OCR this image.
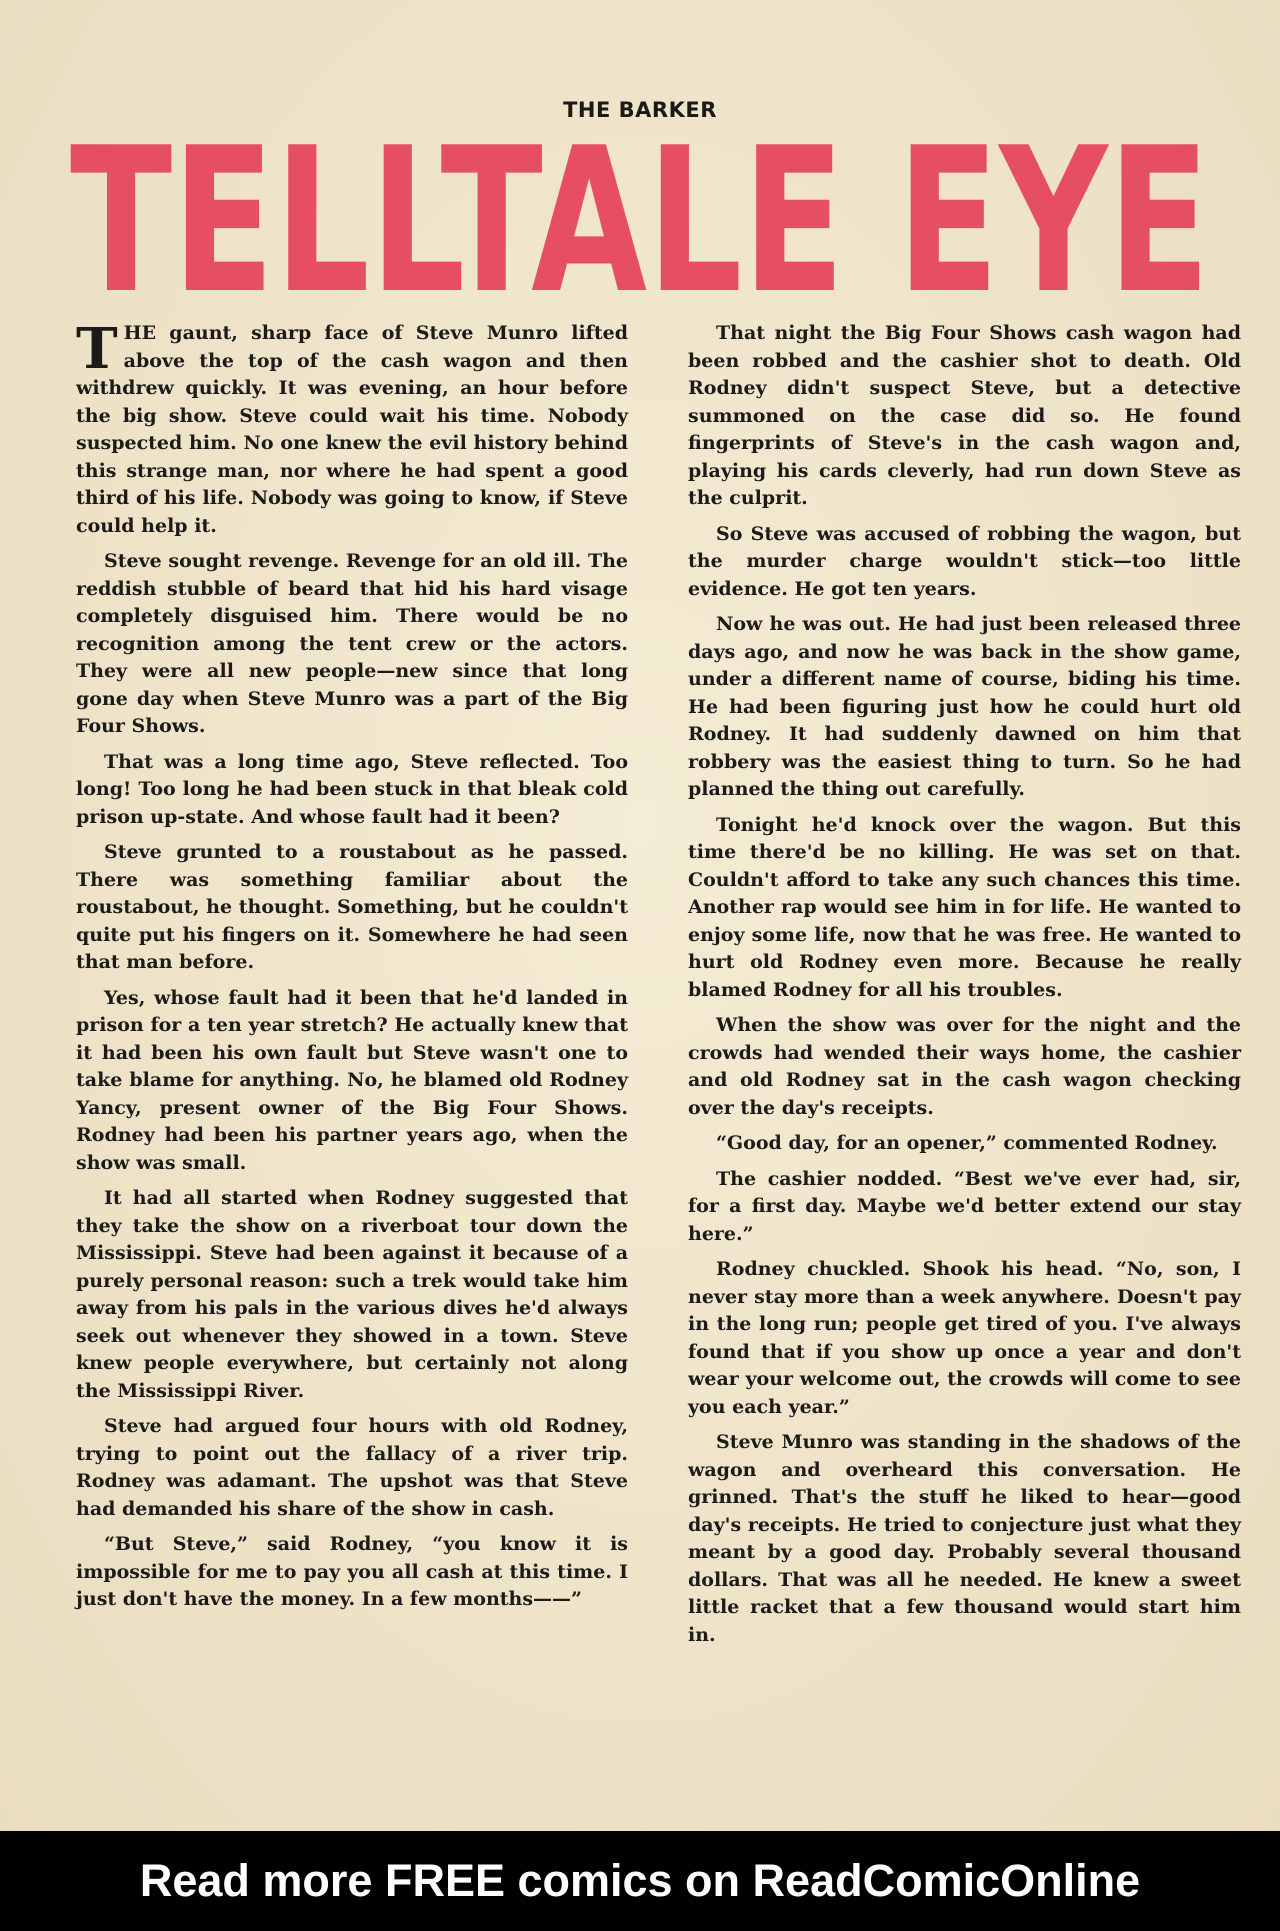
THE BARKER
TELLTALE EYE

THE gaunt, sharp face of Steve Munro lifted above the top of the cash wagon and then withdrew quickly. It was evening, an hour before the big show. Steve could wait his time. Nobody suspected him. No one knew the evil history behind this strange man, nor where he had spent a good third of his life. Nobody was going to know, if Steve could help it.

Steve sought revenge. Revenge for an old ill. The reddish stubble of beard that hid his hard visage completely disguised him. There would be no recognition among the tent crew or the actors. They were all new people—new since that long gone day when Steve Munro was a part of the Big Four Shows.

That was a long time ago, Steve reflected. Too long! Too long he had been stuck in that bleak cold prison up-state. And whose fault had it been?

Steve grunted to a roustabout as he passed. There was something familiar about the roustabout, he thought. Something, but he couldn't quite put his fingers on it. Somewhere he had seen that man before.

Yes, whose fault had it been that he'd landed in prison for a ten year stretch? He actually knew that it had been his own fault but Steve wasn't one to take blame for anything. No, he blamed old Rodney Yancy, present owner of the Big Four Shows. Rodney had been his partner years ago, when the show was small.

It had all started when Rodney suggested that they take the show on a riverboat tour down the Mississippi. Steve had been against it because of a purely personal reason: such a trek would take him away from his pals in the various dives he'd always seek out whenever they showed in a town. Steve knew people everywhere, but certainly not along the Mississippi River.

Steve had argued four hours with old Rodney, trying to point out the fallacy of a river trip. Rodney was adamant. The upshot was that Steve had demanded his share of the show in cash.

“But Steve,” said Rodney, “you know it is impossible for me to pay you all cash at this time. I just don't have the money. In a few months——”

That night the Big Four Shows cash wagon had been robbed and the cashier shot to death. Old Rodney didn't suspect Steve, but a detective summoned on the case did so. He found fingerprints of Steve's in the cash wagon and, playing his cards cleverly, had run down Steve as the culprit.

So Steve was accused of robbing the wagon, but the murder charge wouldn't stick—too little evidence. He got ten years.

Now he was out. He had just been released three days ago, and now he was back in the show game, under a different name of course, biding his time. He had been figuring just how he could hurt old Rodney. It had suddenly dawned on him that robbery was the easiest thing to turn. So he had planned the thing out carefully.

Tonight he'd knock over the wagon. But this time there'd be no killing. He was set on that. Couldn't afford to take any such chances this time. Another rap would see him in for life. He wanted to enjoy some life, now that he was free. He wanted to hurt old Rodney even more. Because he really blamed Rodney for all his troubles.

When the show was over for the night and the crowds had wended their ways home, the cashier and old Rodney sat in the cash wagon checking over the day's receipts.

“Good day, for an opener,” commented Rodney.

The cashier nodded. “Best we've ever had, sir, for a first day. Maybe we'd better extend our stay here.”

Rodney chuckled. Shook his head. “No, son, I never stay more than a week anywhere. Doesn't pay in the long run; people get tired of you. I've always found that if you show up once a year and don't wear your welcome out, the crowds will come to see you each year.”

Steve Munro was standing in the shadows of the wagon and overheard this conversation. He grinned. That's the stuff he liked to hear—good day's receipts. He tried to conjecture just what they meant by a good day. Probably several thousand dollars. That was all he needed. He knew a sweet little racket that a few thousand would start him in.

Read more FREE comics on ReadComicOnline
